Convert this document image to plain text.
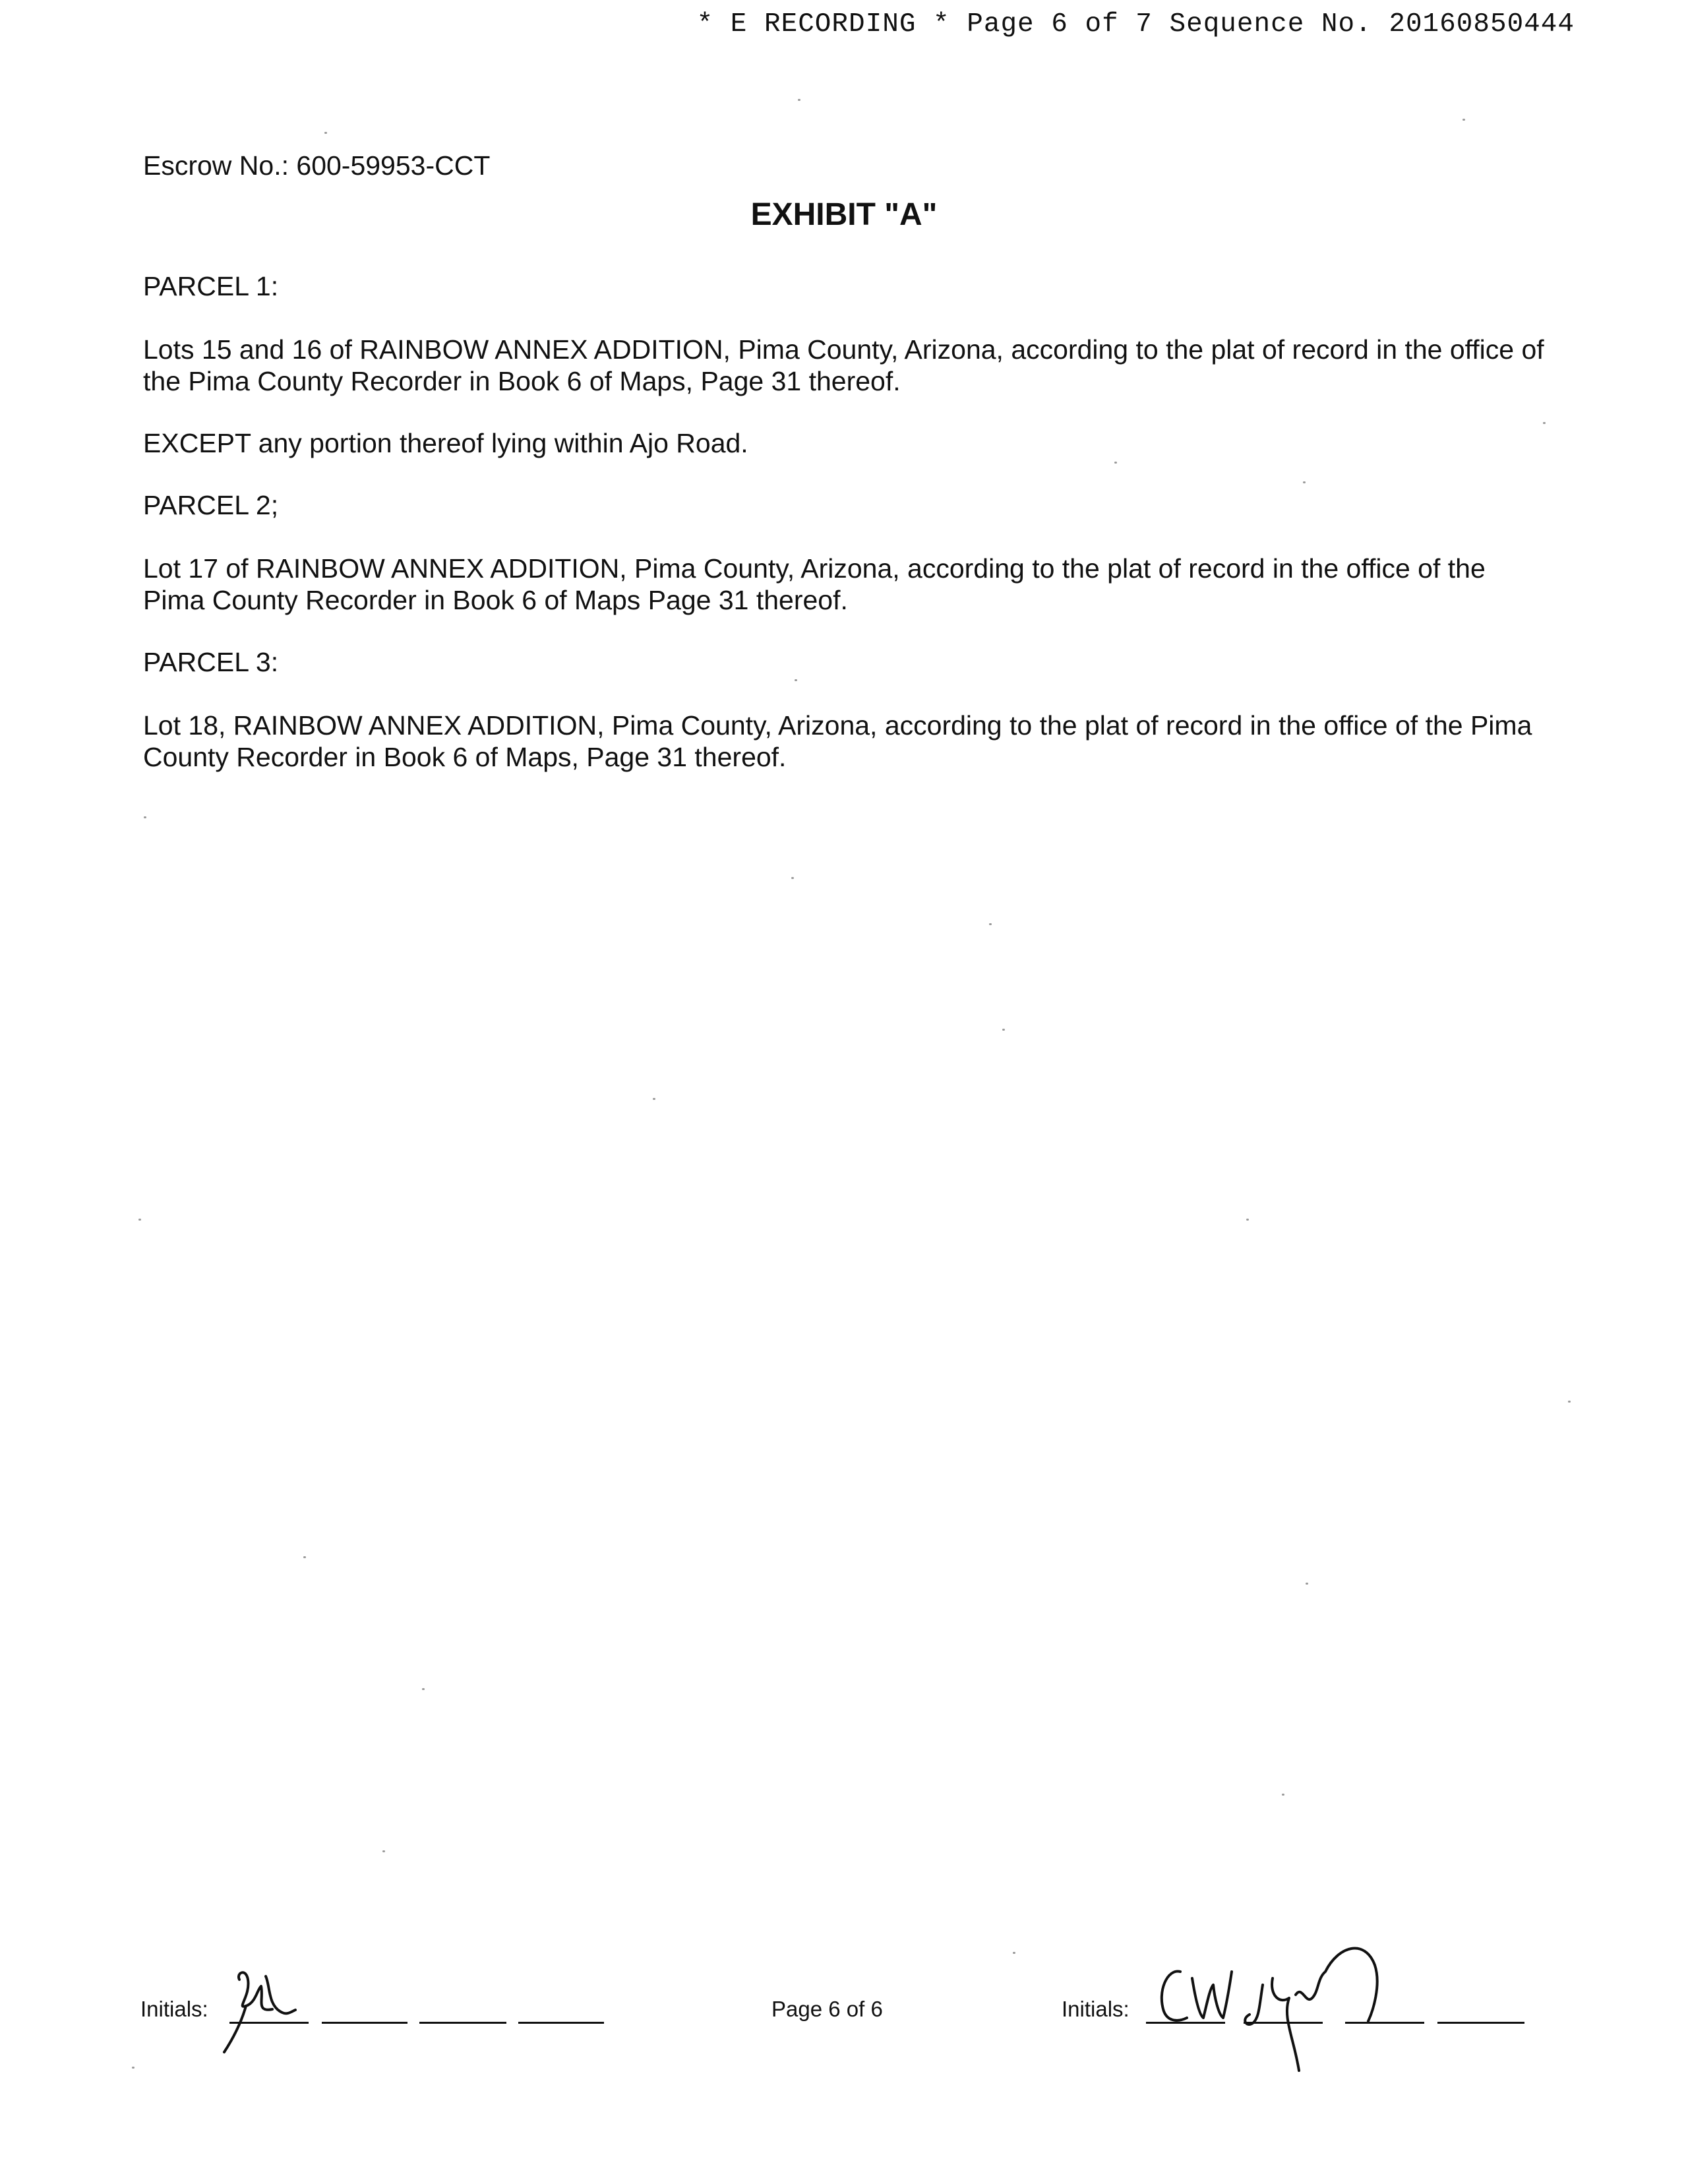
* E RECORDING * Page 6 of 7 Sequence No. 20160850444
Escrow No.: 600-59953-CCT
EXHIBIT "A"

PARCEL 1:

Lots 15 and 16 of RAINBOW ANNEX ADDITION, Pima County, Arizona, according to the plat of record in the office of the Pima County Recorder in Book 6 of Maps, Page 31 thereof.

EXCEPT any portion thereof lying within Ajo Road.

PARCEL 2;

Lot 17 of RAINBOW ANNEX ADDITION, Pima County, Arizona, according to the plat of record in the office of the Pima County Recorder in Book 6 of Maps Page 31 thereof.

PARCEL 3:

Lot 18, RAINBOW ANNEX ADDITION, Pima County, Arizona, according to the plat of record in the office of the Pima County Recorder in Book 6 of Maps, Page 31 thereof.

Initials:	Page 6 of 6	Initials:
